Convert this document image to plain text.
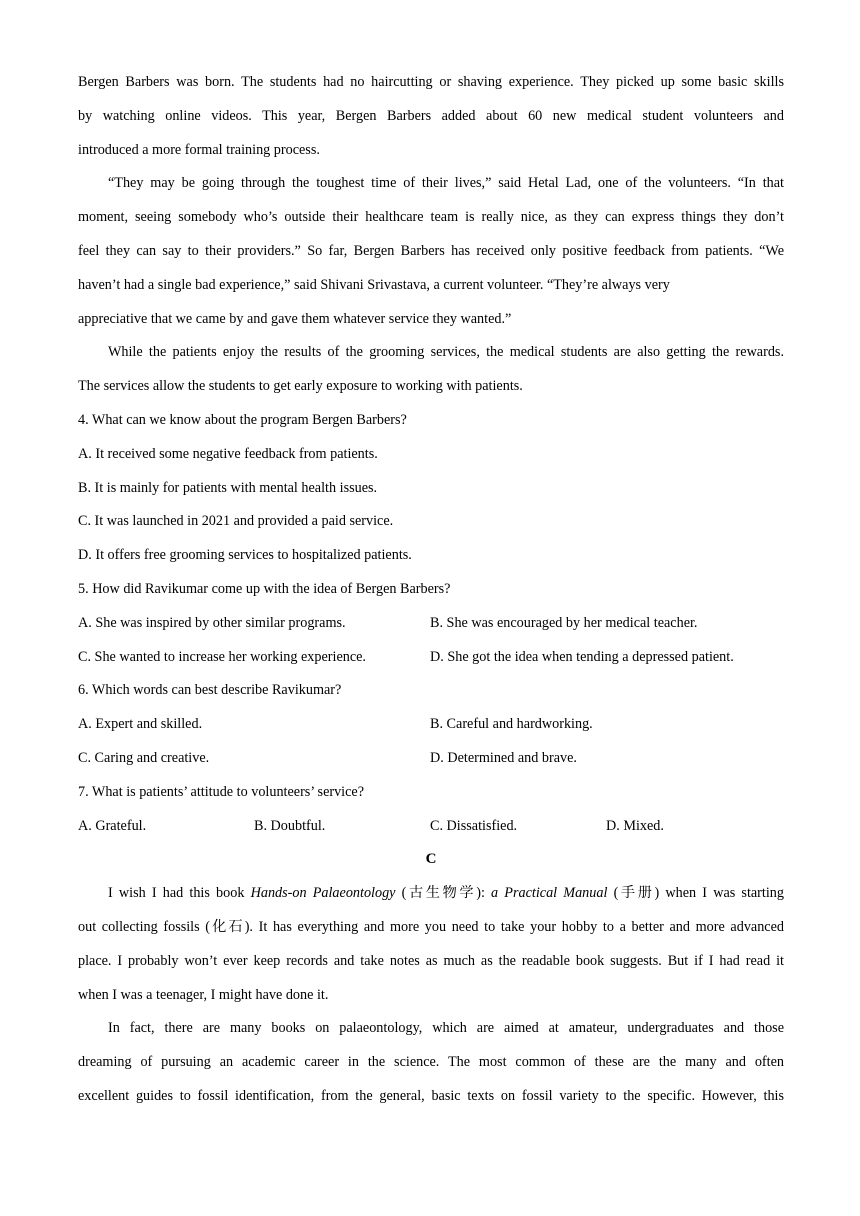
Bergen Barbers was born. The students had no haircutting or shaving experience. They picked up some basic skills
by watching online videos. This year, Bergen Barbers added about 60 new medical student volunteers and
introduced a more formal training process.
“They may be going through the toughest time of their lives,” said Hetal Lad, one of the volunteers. “In that
moment, seeing somebody who’s outside their healthcare team is really nice, as they can express things they don’t
feel they can say to their providers.” So far, Bergen Barbers has received only positive feedback from patients. “We
haven’t had a single bad experience,” said Shivani Srivastava, a current volunteer. “They’re always very
appreciative that we came by and gave them whatever service they wanted.”
While the patients enjoy the results of the grooming services, the medical students are also getting the rewards.
The services allow the students to get early exposure to working with patients.
4. What can we know about the program Bergen Barbers?
A. It received some negative feedback from patients.
B. It is mainly for patients with mental health issues.
C. It was launched in 2021 and provided a paid service.
D. It offers free grooming services to hospitalized patients.
5. How did Ravikumar come up with the idea of Bergen Barbers?
A. She was inspired by other similar programs.	B. She was encouraged by her medical teacher.
C. She wanted to increase her working experience.	D. She got the idea when tending a depressed patient.
6. Which words can best describe Ravikumar?
A. Expert and skilled.	B. Careful and hardworking.
C. Caring and creative.	D. Determined and brave.
7. What is patients’ attitude to volunteers’ service?
A. Grateful.	B. Doubtful.	C. Dissatisfied.	D. Mixed.
C
I wish I had this book Hands-on Palaeontology (古生物学): a Practical Manual (手册) when I was starting
out collecting fossils (化石). It has everything and more you need to take your hobby to a better and more advanced
place. I probably won’t ever keep records and take notes as much as the readable book suggests. But if I had read it
when I was a teenager, I might have done it.
In fact, there are many books on palaeontology, which are aimed at amateur, undergraduates and those
dreaming of pursuing an academic career in the science. The most common of these are the many and often
excellent guides to fossil identification, from the general, basic texts on fossil variety to the specific. However, this
